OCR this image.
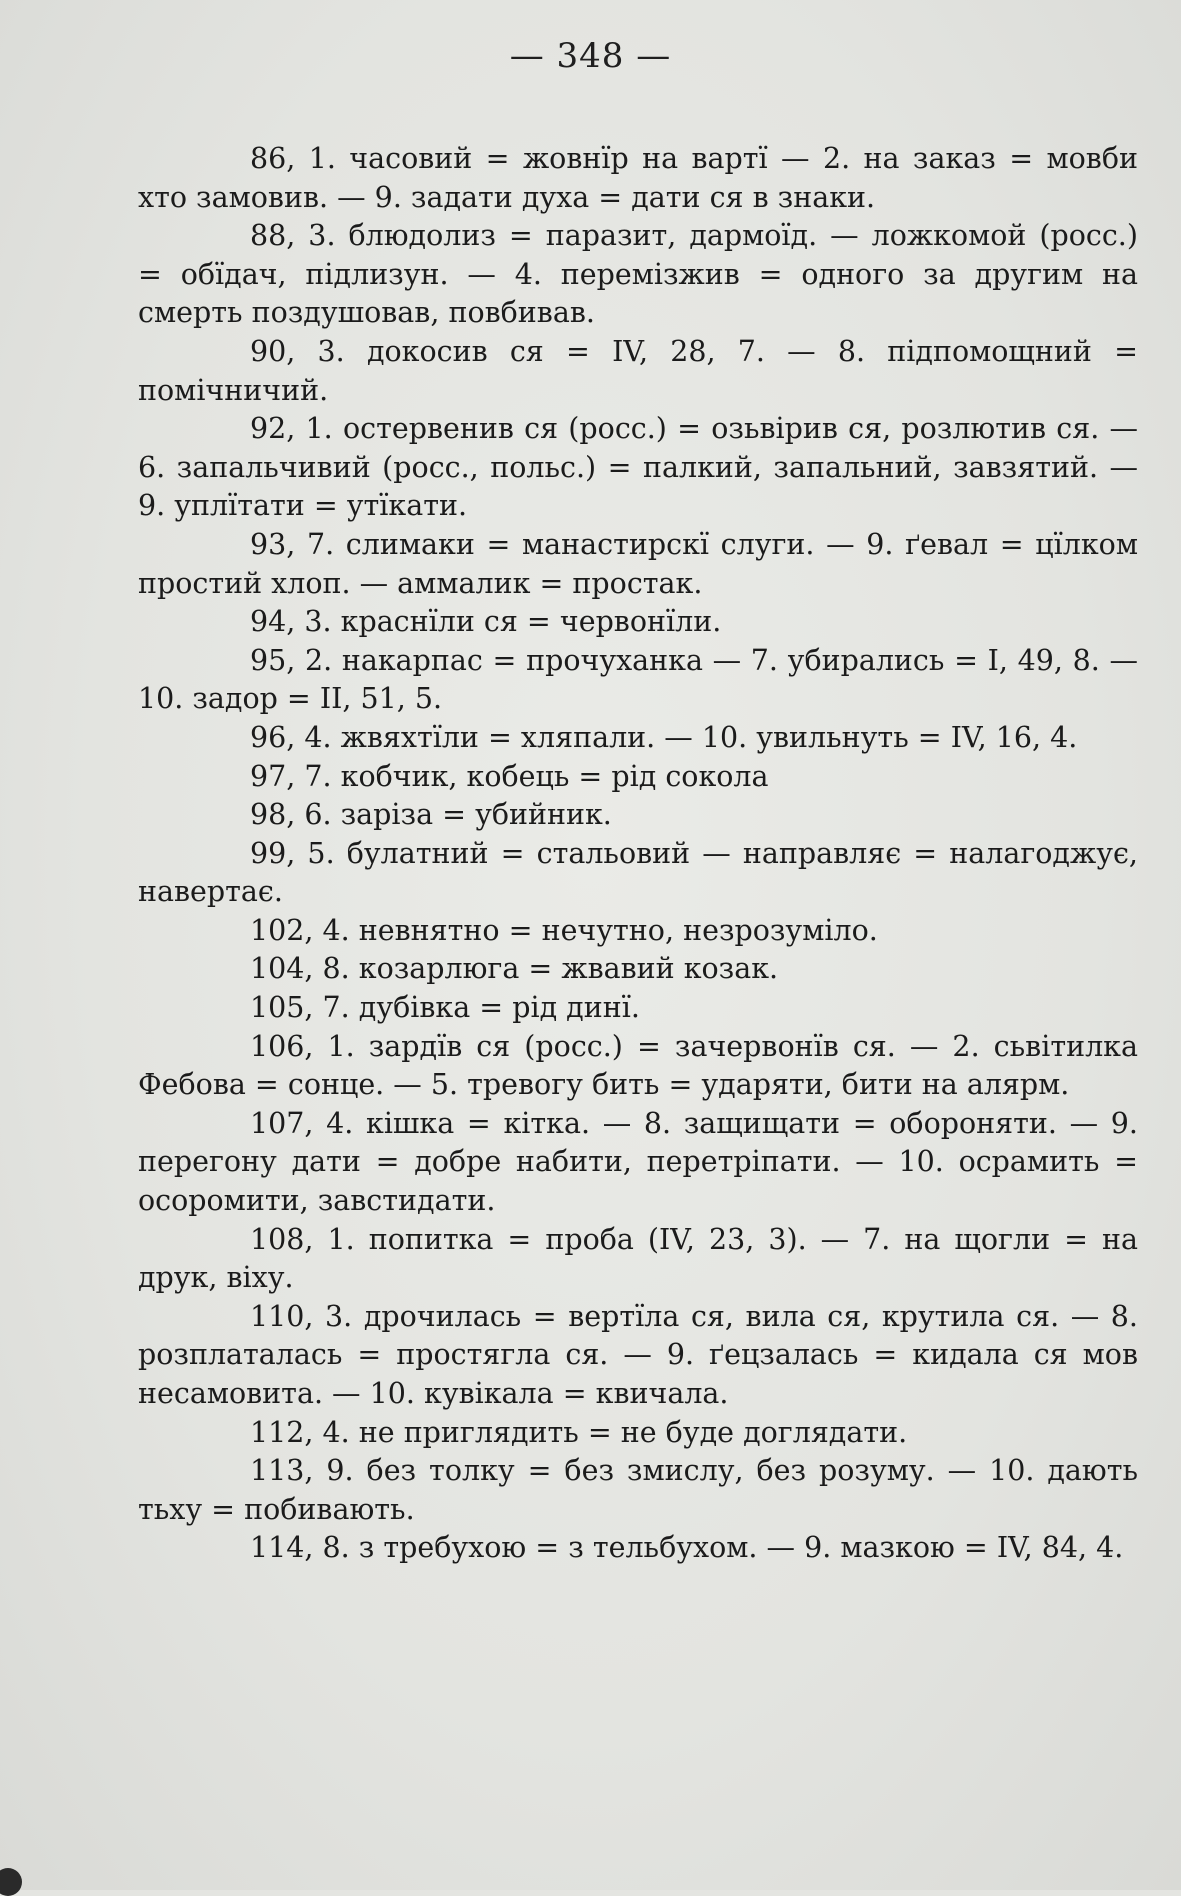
— 348 —

86, 1. часовий = жовнїр на вартї — 2. на заказ = мовби хто замовив. — 9. задати духа = дати ся в знаки.

88, 3. блюдолиз = паразит, дармоїд. — ложкомой (росс.) = обїдач, підлизун. — 4. перемізжив = одного за другим на смерть поздушовав, повбивав.

90, 3. докосив ся = IV, 28, 7. — 8. підпомощний = помічничий.

92, 1. остервенив ся (росс.) = озьвірив ся, розлютив ся. — 6. запальчивий (росс., польс.) = палкий, запальний, завзятий. — 9. уплїтати = утїкати.

93, 7. слимаки = манастирскї слуги. — 9. ґевал = цїлком простий хлоп. — аммалик = простак.

94, 3. краснїли ся = червонїли.

95, 2. накарпас = прочуханка — 7. убирались = I, 49, 8. — 10. задор = II, 51, 5.

96, 4. жвяхтїли = хляпали. — 10. увильнуть = IV, 16, 4.

97, 7. кобчик, кобець = рід сокола

98, 6. заріза = убийник.

99, 5. булатний = стальовий — направляє = налагоджує, навертає.

102, 4. невнятно = нечутно, незрозуміло.

104, 8. козарлюга = жвавий козак.

105, 7. дубівка = рід динї.

106, 1. зардїв ся (росс.) = зачервонїв ся. — 2. сьвітилка Фебова = сонце. — 5. тревогу бить = ударяти, бити на алярм.

107, 4. кішка = кітка. — 8. защищати = обороняти. — 9. перегону дати = добре набити, перетріпати. — 10. осрамить = осоромити, завстидати.

108, 1. попитка = проба (IV, 23, 3). — 7. на щогли = на друк, віху.

110, 3. дрочилась = вертїла ся, вила ся, крутила ся. — 8. розплаталась = простягла ся. — 9. ґецзалась = кидала ся мов несамовита. — 10. кувікала = квичала.

112, 4. не приглядить = не буде доглядати.

113, 9. без толку = без змислу, без розуму. — 10. дають тьху = побивають.

114, 8. з требухою = з тельбухом. — 9. мазкою = IV, 84, 4.
